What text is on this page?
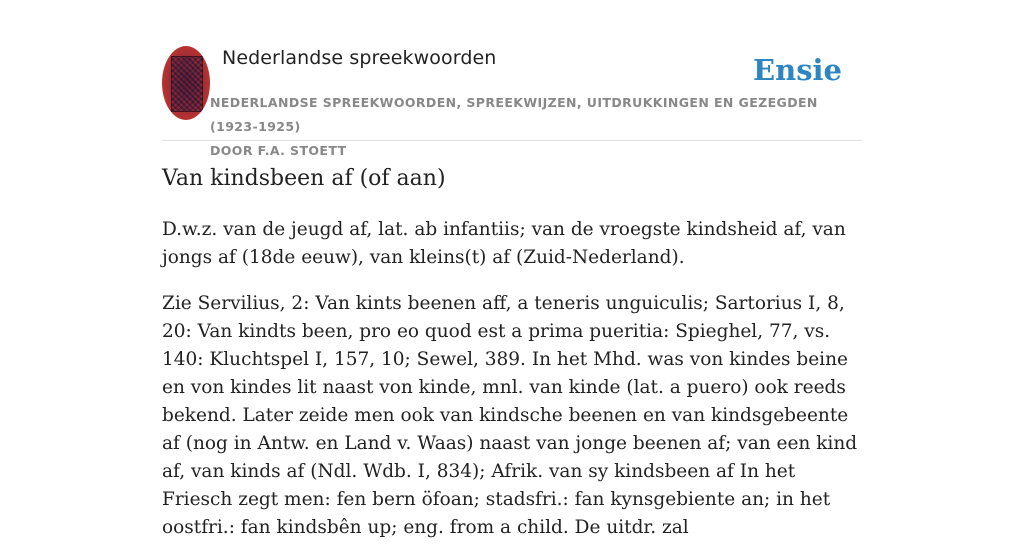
Nederlandse spreekwoorden	Ensie
NEDERLANDSE SPREEKWOORDEN, SPREEKWIJZEN, UITDRUKKINGEN EN GEZEGDEN (1923-1925)
DOOR F.A. STOETT
Van kindsbeen af (of aan)

D.w.z. van de jeugd af, lat. ab infantiis; van de vroegste kindsheid af, van jongs af (18de eeuw), van kleins(t) af (Zuid-Nederland).

Zie Servilius, 2: Van kints beenen aff, a teneris unguiculis; Sartorius I, 8, 20: Van kindts been, pro eo quod est a prima pueritia: Spieghel, 77, vs. 140: Kluchtspel I, 157, 10; Sewel, 389. In het Mhd. was von kindes beine en von kindes lit naast von kinde, mnl. van kinde (lat. a puero) ook reeds bekend. Later zeide men ook van kindsche beenen en van kindsgebeente af (nog in Antw. en Land v. Waas) naast van jonge beenen af; van een kind af, van kinds af (Ndl. Wdb. I, 834); Afrik. van sy kindsbeen af In het Friesch zegt men: fen bern öfoan; stadsfri.: fan kynsgebiente an; in het oostfri.: fan kindsbên up; eng. from a child. De uitdr. zal
